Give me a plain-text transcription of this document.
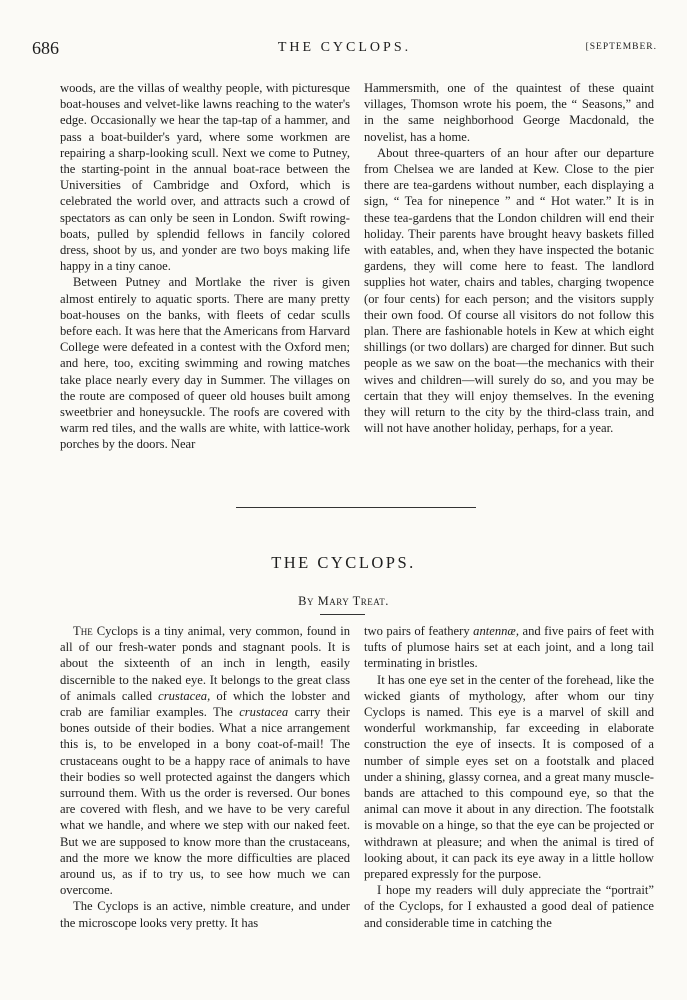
686	THE CYCLOPS.	[SEPTEMBER.

woods, are the villas of wealthy people, with picturesque boat-houses and velvet-like lawns reaching to the water's edge. Occasionally we hear the tap-tap of a hammer, and pass a boat-builder's yard, where some workmen are repairing a sharp-looking scull. Next we come to Putney, the starting-point in the annual boat-race between the Universities of Cambridge and Oxford, which is celebrated the world over, and attracts such a crowd of spectators as can only be seen in London. Swift rowing-boats, pulled by splendid fellows in fancily colored dress, shoot by us, and yonder are two boys making life happy in a tiny canoe.

Between Putney and Mortlake the river is given almost entirely to aquatic sports. There are many pretty boat-houses on the banks, with fleets of cedar sculls before each. It was here that the Americans from Harvard College were defeated in a contest with the Oxford men; and here, too, exciting swimming and rowing matches take place nearly every day in Summer. The villages on the route are composed of queer old houses built among sweetbrier and honeysuckle. The roofs are covered with warm red tiles, and the walls are white, with lattice-work porches by the doors. Near

Hammersmith, one of the quaintest of these quaint villages, Thomson wrote his poem, the “ Seasons,” and in the same neighborhood George Macdonald, the novelist, has a home.

About three-quarters of an hour after our departure from Chelsea we are landed at Kew. Close to the pier there are tea-gardens without number, each displaying a sign, “ Tea for ninepence ” and “ Hot water.” It is in these tea-gardens that the London children will end their holiday. Their parents have brought heavy baskets filled with eatables, and, when they have inspected the botanic gardens, they will come here to feast. The landlord supplies hot water, chairs and tables, charging twopence (or four cents) for each person; and the visitors supply their own food. Of course all visitors do not follow this plan. There are fashionable hotels in Kew at which eight shillings (or two dollars) are charged for dinner. But such people as we saw on the boat—the mechanics with their wives and children—will surely do so, and you may be certain that they will enjoy themselves. In the evening they will return to the city by the third-class train, and will not have another holiday, perhaps, for a year.

THE CYCLOPS.
By Mary Treat.

The Cyclops is a tiny animal, very common, found in all of our fresh-water ponds and stagnant pools. It is about the sixteenth of an inch in length, easily discernible to the naked eye. It belongs to the great class of animals called crustacea, of which the lobster and crab are familiar examples. The crustacea carry their bones outside of their bodies. What a nice arrangement this is, to be enveloped in a bony coat-of-mail! The crustaceans ought to be a happy race of animals to have their bodies so well protected against the dangers which surround them. With us the order is reversed. Our bones are covered with flesh, and we have to be very careful what we handle, and where we step with our naked feet. But we are supposed to know more than the crustaceans, and the more we know the more difficulties are placed around us, as if to try us, to see how much we can overcome.

The Cyclops is an active, nimble creature, and under the microscope looks very pretty. It has

two pairs of feathery antennæ, and five pairs of feet with tufts of plumose hairs set at each joint, and a long tail terminating in bristles.

It has one eye set in the center of the forehead, like the wicked giants of mythology, after whom our tiny Cyclops is named. This eye is a marvel of skill and wonderful workmanship, far exceeding in elaborate construction the eye of insects. It is composed of a number of simple eyes set on a footstalk and placed under a shining, glassy cornea, and a great many muscle-bands are attached to this compound eye, so that the animal can move it about in any direction. The footstalk is movable on a hinge, so that the eye can be projected or withdrawn at pleasure; and when the animal is tired of looking about, it can pack its eye away in a little hollow prepared expressly for the purpose.

I hope my readers will duly appreciate the “portrait” of the Cyclops, for I exhausted a good deal of patience and considerable time in catching the
